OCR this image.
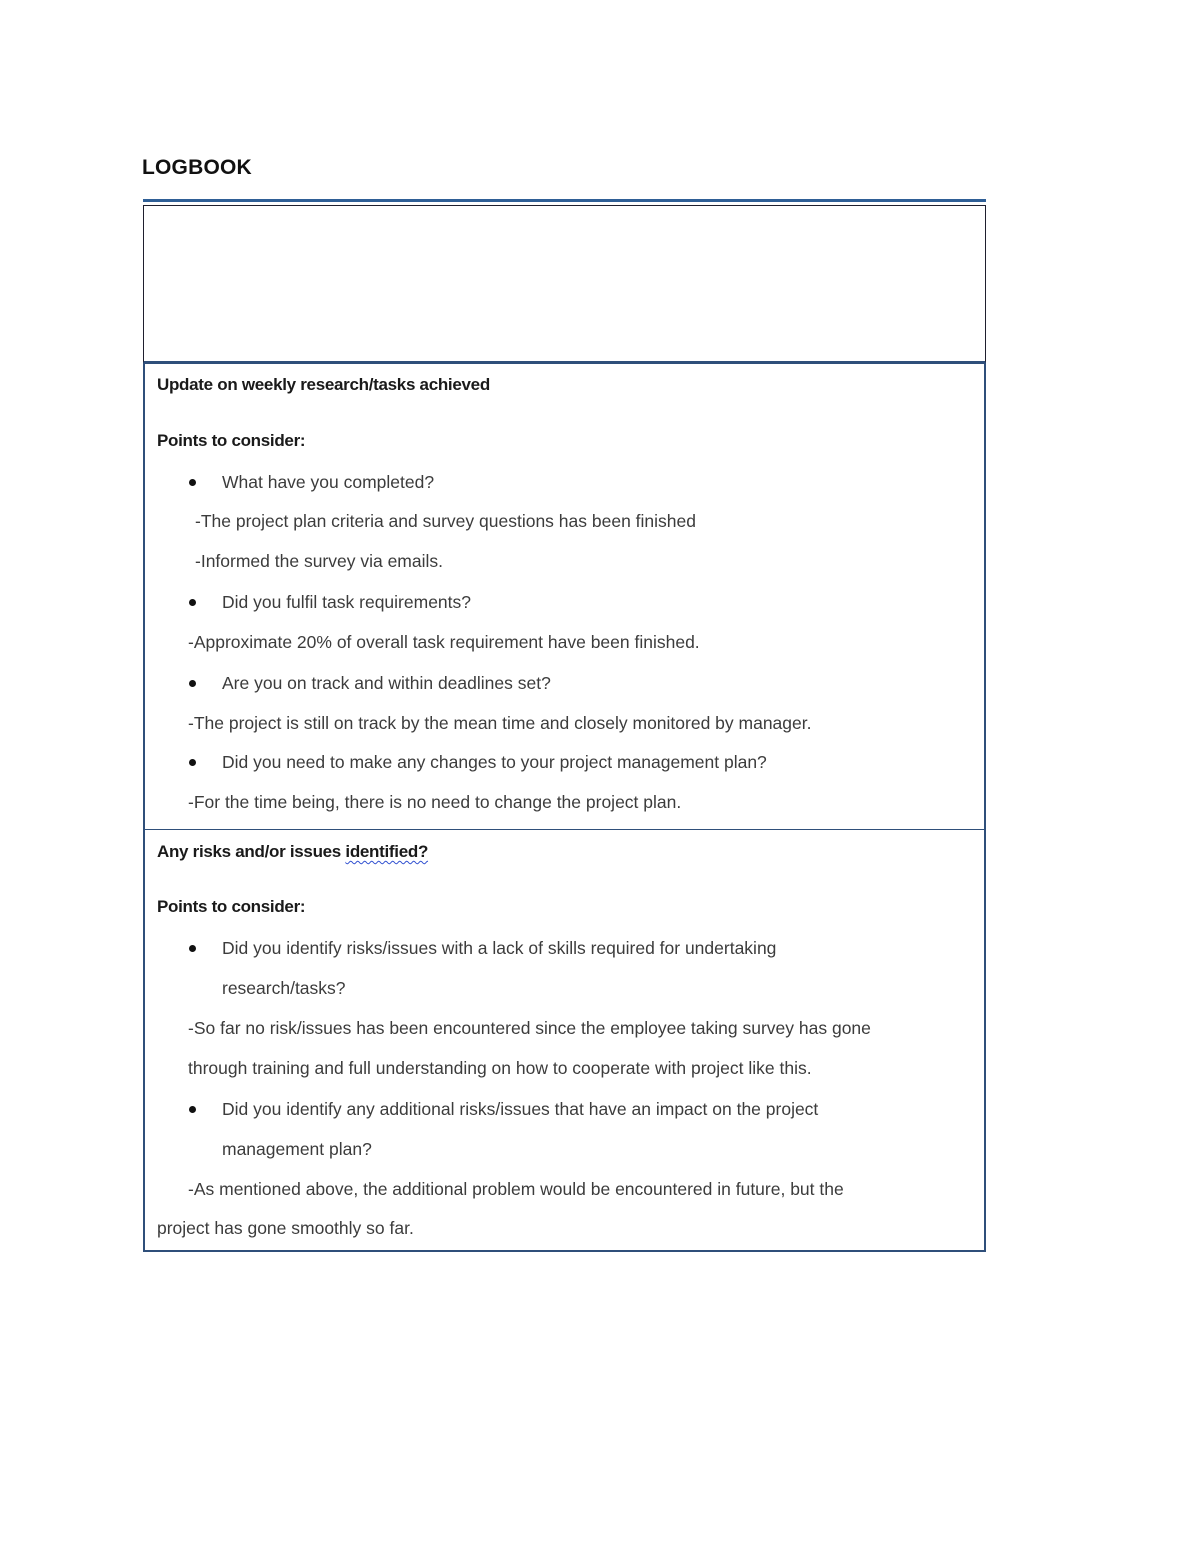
LOGBOOK
Update on weekly research/tasks achieved
Points to consider:
What have you completed?
-The project plan criteria and survey questions has been finished
-Informed the survey via emails.
Did you fulfil task requirements?
-Approximate 20% of overall task requirement have been finished.
Are you on track and within deadlines set?
-The project is still on track by the mean time and closely monitored by manager.
Did you need to make any changes to your project management plan?
-For the time being, there is no need to change the project plan.
Any risks and/or issues identified?
Points to consider:
Did you identify risks/issues with a lack of skills required for undertaking
research/tasks?
-So far no risk/issues has been encountered since the employee taking survey has gone
through training and full understanding on how to cooperate with project like this.
Did you identify any additional risks/issues that have an impact on the project
management plan?
-As mentioned above, the additional problem would be encountered in future, but the
project has gone smoothly so far.
